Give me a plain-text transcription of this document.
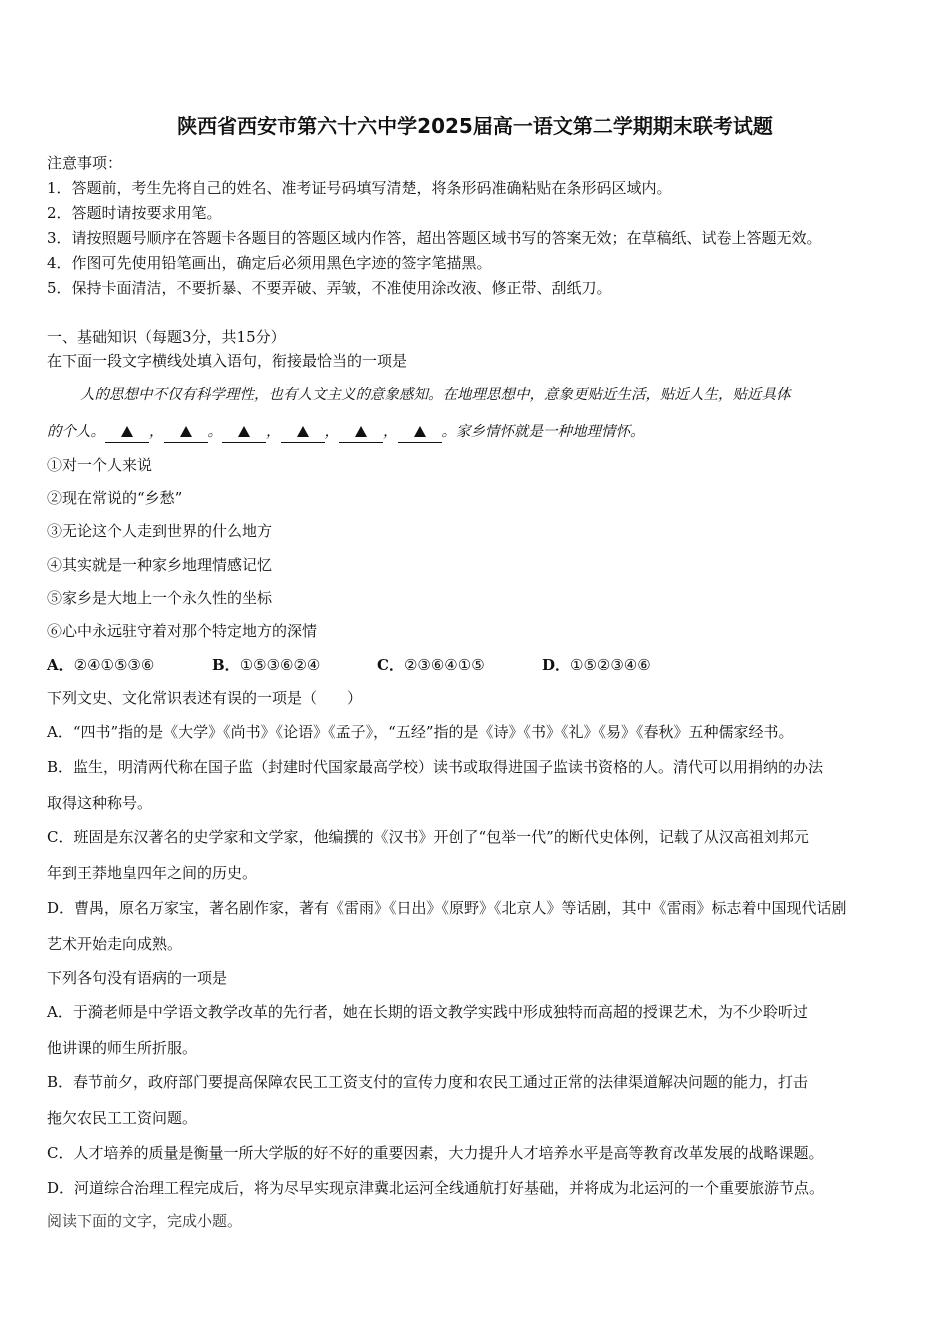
陕西省西安市第六十六中学2025届高一语文第二学期期末联考试题
注意事项：
1．答题前，考生先将自己的姓名、准考证号码填写清楚，将条形码准确粘贴在条形码区域内。
2．答题时请按要求用笔。
3．请按照题号顺序在答题卡各题目的答题区域内作答，超出答题区域书写的答案无效；在草稿纸、试卷上答题无效。
4．作图可先使用铅笔画出，确定后必须用黑色字迹的签字笔描黑。
5．保持卡面清洁，不要折暴、不要弄破、弄皱，不准使用涂改液、修正带、刮纸刀。
一、基础知识（每题3分，共15分）
在下面一段文字横线处填入语句，衔接最恰当的一项是
人的思想中不仅有科学理性，也有人文主义的意象感知。在地理思想中，意象更贴近生活，贴近人生，贴近具体
的个人。	，	。	，	，	，	。家乡情怀就是一种地理情怀。
①对一个人来说
②现在常说的“乡愁”
③无论这个人走到世界的什么地方
④其实就是一种家乡地理情感记忆
⑤家乡是大地上一个永久性的坐标
⑥心中永远驻守着对那个特定地方的深情
A．②④①⑤③⑥	B．①⑤③⑥②④	C．②③⑥④①⑤	D．①⑤②③④⑥
下列文史、文化常识表述有误的一项是（　　）
A．“四书”指的是《大学》《尚书》《论语》《孟子》，“五经”指的是《诗》《书》《礼》《易》《春秋》五种儒家经书。
B．监生，明清两代称在国子监（封建时代国家最高学校）读书或取得进国子监读书资格的人。清代可以用捐纳的办法
取得这种称号。
C．班固是东汉著名的史学家和文学家，他编撰的《汉书》开创了“包举一代”的断代史体例，记载了从汉高祖刘邦元
年到王莽地皇四年之间的历史。
D．曹禺，原名万家宝，著名剧作家，著有《雷雨》《日出》《原野》《北京人》等话剧，其中《雷雨》标志着中国现代话剧
艺术开始走向成熟。
下列各句没有语病的一项是
A．于漪老师是中学语文教学改革的先行者，她在长期的语文教学实践中形成独特而高超的授课艺术，为不少聆听过
他讲课的师生所折服。
B．春节前夕，政府部门要提高保障农民工工资支付的宣传力度和农民工通过正常的法律渠道解决问题的能力，打击
拖欠农民工工资问题。
C．人才培养的质量是衡量一所大学版的好不好的重要因素，大力提升人才培养水平是高等教育改革发展的战略课题。
D．河道综合治理工程完成后，将为尽早实现京津冀北运河全线通航打好基础，并将成为北运河的一个重要旅游节点。
阅读下面的文字，完成小题。
